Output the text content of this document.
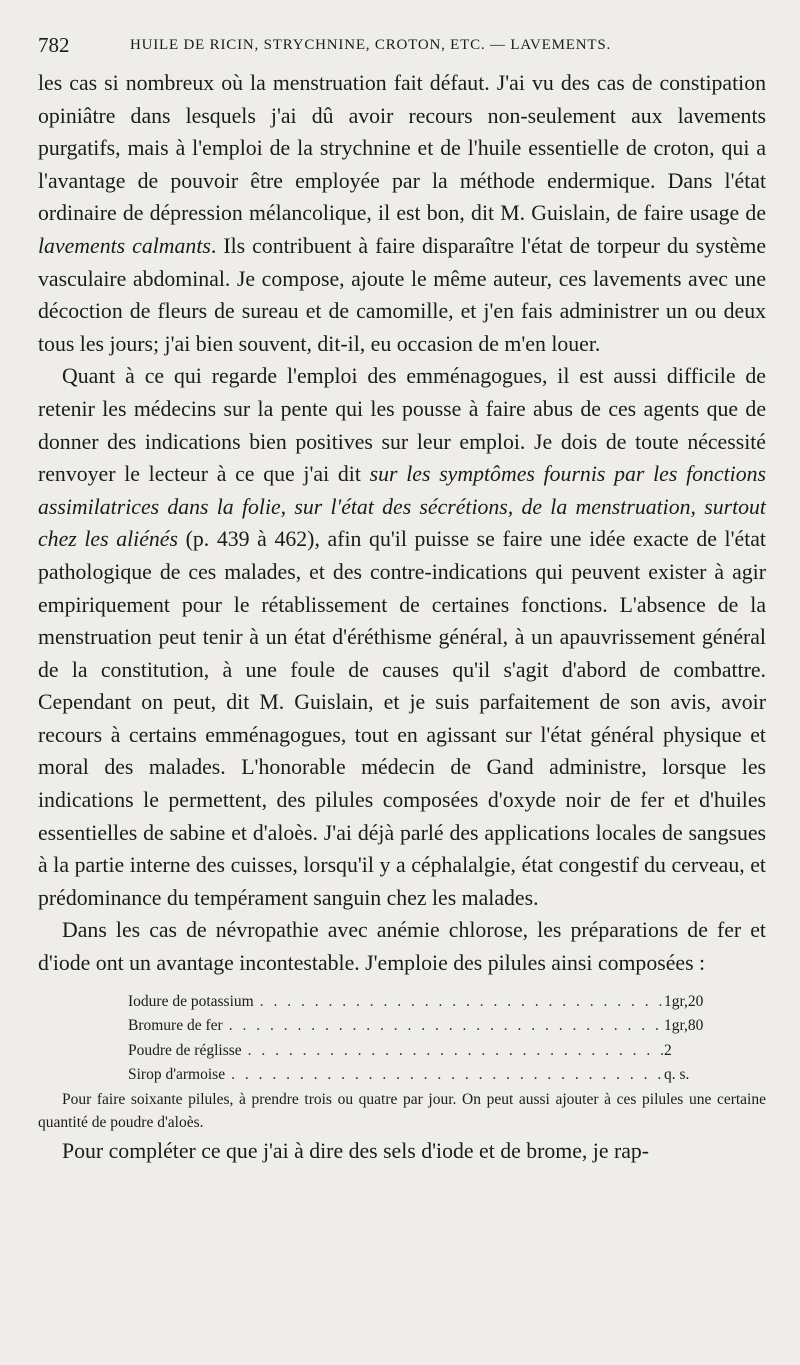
782	HUILE DE RICIN, STRYCHNINE, CROTON, ETC. — LAVEMENTS.

les cas si nombreux où la menstruation fait défaut. J'ai vu des cas de constipation opiniâtre dans lesquels j'ai dû avoir recours non-seulement aux lavements purgatifs, mais à l'emploi de la strychnine et de l'huile essentielle de croton, qui a l'avantage de pouvoir être employée par la méthode endermique. Dans l'état ordinaire de dépression mélancolique, il est bon, dit M. Guislain, de faire usage de lavements calmants. Ils contribuent à faire disparaître l'état de torpeur du système vasculaire abdominal. Je compose, ajoute le même auteur, ces lavements avec une décoction de fleurs de sureau et de camomille, et j'en fais administrer un ou deux tous les jours; j'ai bien souvent, dit-il, eu occasion de m'en louer.

Quant à ce qui regarde l'emploi des emménagogues, il est aussi difficile de retenir les médecins sur la pente qui les pousse à faire abus de ces agents que de donner des indications bien positives sur leur emploi. Je dois de toute nécessité renvoyer le lecteur à ce que j'ai dit sur les symptômes fournis par les fonctions assimilatrices dans la folie, sur l'état des sécrétions, de la menstruation, surtout chez les aliénés (p. 439 à 462), afin qu'il puisse se faire une idée exacte de l'état pathologique de ces malades, et des contre-indications qui peuvent exister à agir empiriquement pour le rétablissement de certaines fonctions. L'absence de la menstruation peut tenir à un état d'éréthisme général, à un apauvrissement général de la constitution, à une foule de causes qu'il s'agit d'abord de combattre. Cependant on peut, dit M. Guislain, et je suis parfaitement de son avis, avoir recours à certains emménagogues, tout en agissant sur l'état général physique et moral des malades. L'honorable médecin de Gand administre, lorsque les indications le permettent, des pilules composées d'oxyde noir de fer et d'huiles essentielles de sabine et d'aloès. J'ai déjà parlé des applications locales de sangsues à la partie interne des cuisses, lorsqu'il y a céphalalgie, état congestif du cerveau, et prédominance du tempérament sanguin chez les malades.

Dans les cas de névropathie avec anémie chlorose, les préparations de fer et d'iode ont un avantage incontestable. J'emploie des pilules ainsi composées :

Iodure de potassium . . .	1gr,20
Bromure de fer . . .	1gr,80
Poudre de réglisse . . .	2
Sirop d'armoise . . .	q. s.

Pour faire soixante pilules, à prendre trois ou quatre par jour. On peut aussi ajouter à ces pilules une certaine quantité de poudre d'aloès.

Pour compléter ce que j'ai à dire des sels d'iode et de brome, je rap-
